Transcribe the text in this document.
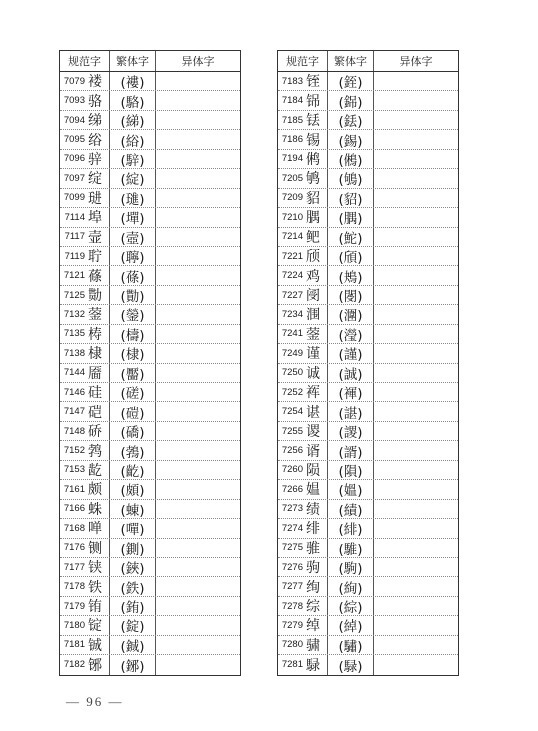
规范字	繁体字	异体字
7079 褛 (褸)
7093 骆 (駱)
7094 绨 (綈)
7095 绤 (綌)
7096 骍 (騂)
7097 绽 (綻)
7099 琎 (璡)
7114 埠 (墠)
7117 壸 (壼)
7119 聍 (聹)
7121 蓧 (蓧)
7125 勚 (勩)
7132 蓥 (鎣)
7135 梼 (檮)
7138 棣 (棣)
7144 靥 (靨)
7146 硅 (磋)
7147 硙 (磑)
7148 硚 (礄)
7152 鹁 (鵓)
7153 龁 (齕)
7161 颇 (頗)
7166 蛛 (蝀)
7168 啴 (嘽)
7176 铡 (鍘)
7177 铗 (鋏)
7178 铁 (鉄)
7179 铕 (銪)
7180 锭 (錠)
7181 铖 (鋮)
7182 铘 (鋣)
规范字	繁体字	异体字
7183 铚 (銍)
7184 铞 (銱)
7185 铥 (銩)
7186 锡 (錫)
7194 鸺 (鵂)
7205 鸲 (鴝)
7209 貂 (貂)
7210 腢 (腢)
7214 鲃 (鮀)
7221 颀 (頎)
7224 鸡 (鴂)
7227 阌 (閿)
7234 涠 (潿)
7241 蓥 (瀅)
7249 谨 (謹)
7250 诚 (誠)
7252 裈 (褌)
7254 谌 (諶)
7255 谡 (謖)
7256 谞 (諝)
7260 陨 (隕)
7266 媪 (媼)
7273 绩 (績)
7274 绯 (緋)
7275 骓 (騅)
7276 驹 (駒)
7277 绚 (絢)
7278 综 (綜)
7279 绰 (綽)
7280 骕 (驌)
7281 騄 (騄)
— 96 —
